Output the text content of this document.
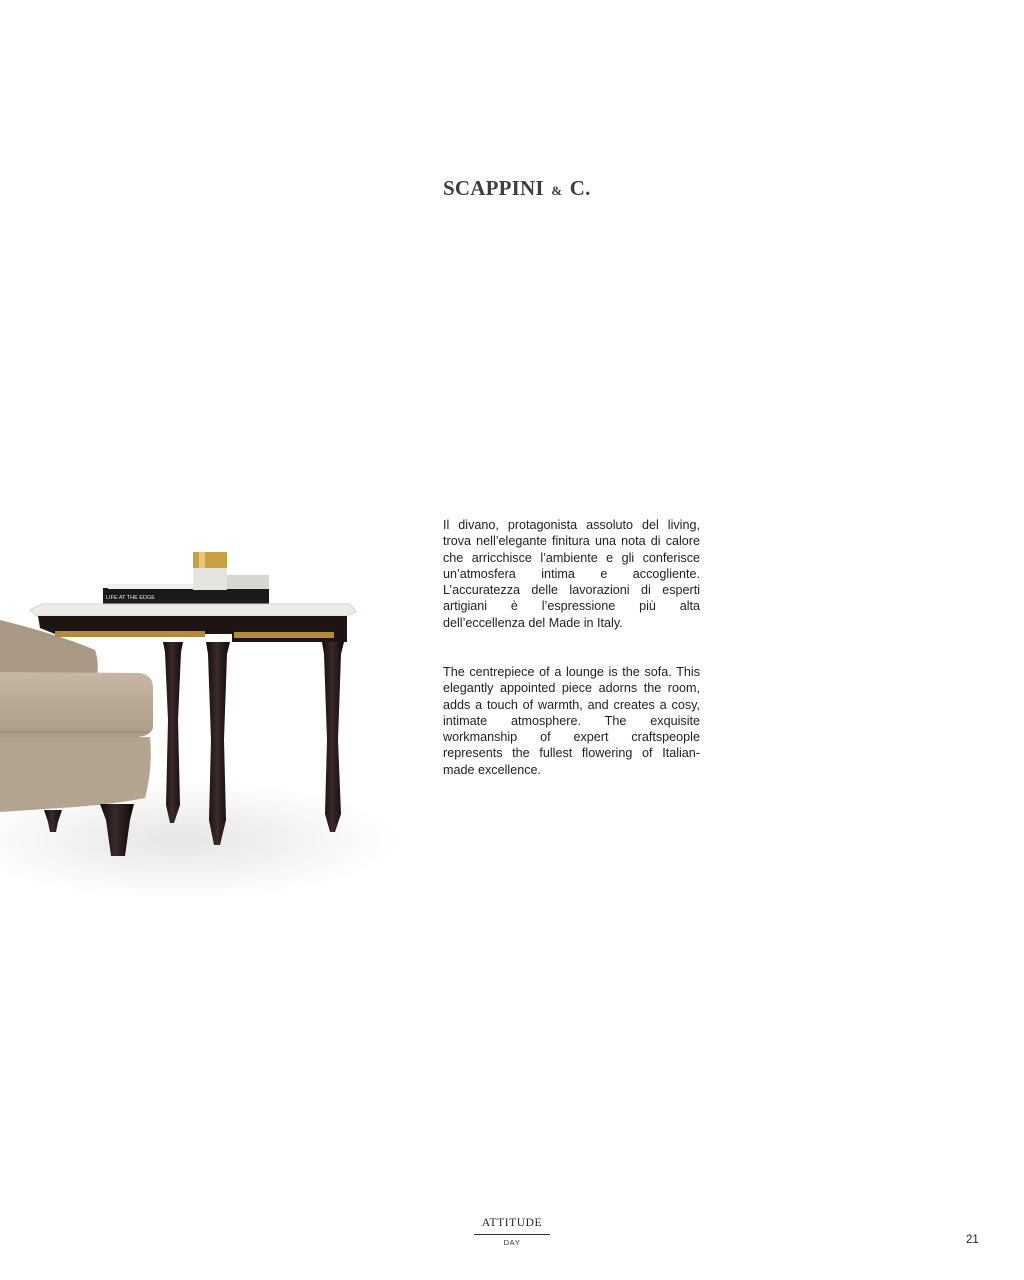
SCAPPINI & C.
LIFE AT THE EDGE

Il divano, protagonista assoluto del living, trova nell’elegante finitura una nota di calore che arricchisce l’ambiente e gli conferisce un’atmosfera intima e accogliente. L’accuratezza delle lavorazioni di esperti artigiani è l’espressione più alta dell’eccellenza del Made in Italy.

The centrepiece of a lounge is the sofa. This elegantly appointed piece adorns the room, adds a touch of warmth, and creates a cosy, intimate atmosphere. The exquisite workmanship of expert craftspeople represents the fullest flowering of Italian-made excellence.

ATTITUDE
DAY	21
